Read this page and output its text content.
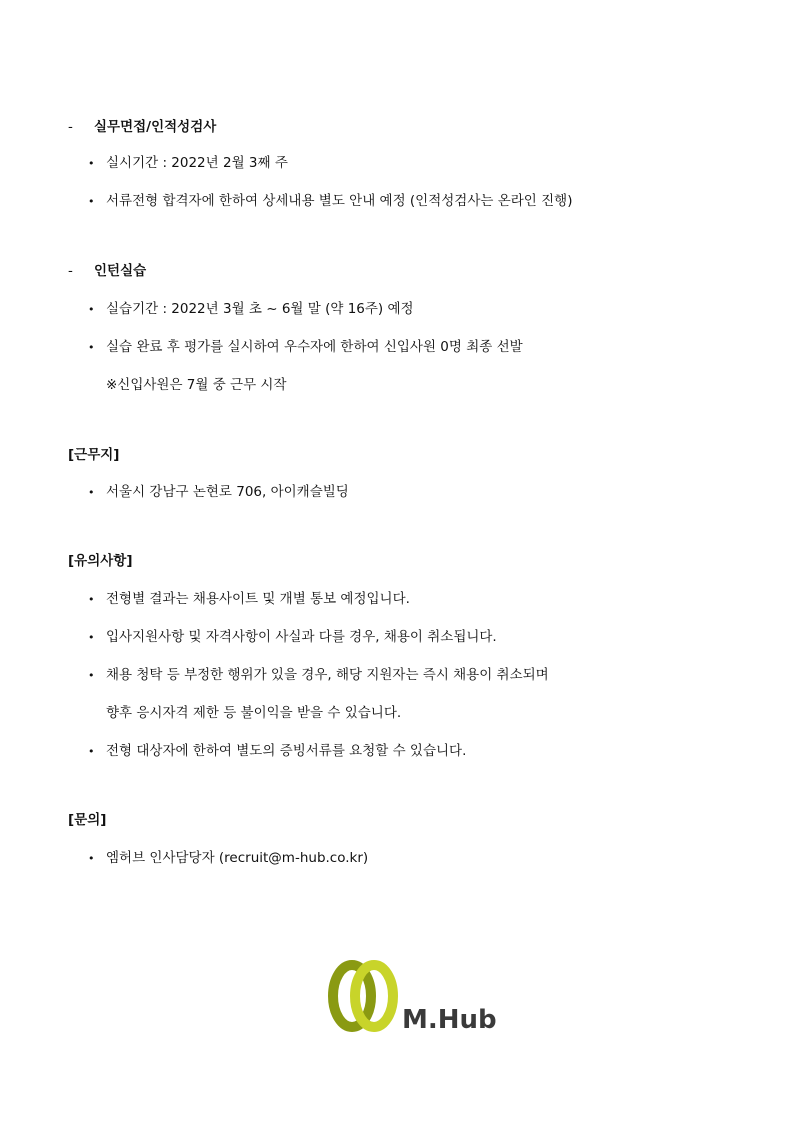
- 실무면접/인적성검사
• 실시기간 : 2022년 2월 3째 주
• 서류전형 합격자에 한하여 상세내용 별도 안내 예정 (인적성검사는 온라인 진행)
- 인턴실습
• 실습기간 : 2022년 3월 초 ~ 6월 말 (약 16주) 예정
• 실습 완료 후 평가를 실시하여 우수자에 한하여 신입사원 0명 최종 선발
※신입사원은 7월 중 근무 시작
[근무지]
• 서울시 강남구 논현로 706, 아이캐슬빌딩
[유의사항]
• 전형별 결과는 채용사이트 및 개별 통보 예정입니다.
• 입사지원사항 및 자격사항이 사실과 다를 경우, 채용이 취소됩니다.
• 채용 청탁 등 부정한 행위가 있을 경우, 해당 지원자는 즉시 채용이 취소되며
향후 응시자격 제한 등 불이익을 받을 수 있습니다.
• 전형 대상자에 한하여 별도의 증빙서류를 요청할 수 있습니다.
[문의]
• 엠허브 인사담당자 (recruit@m-hub.co.kr)
M.Hub
